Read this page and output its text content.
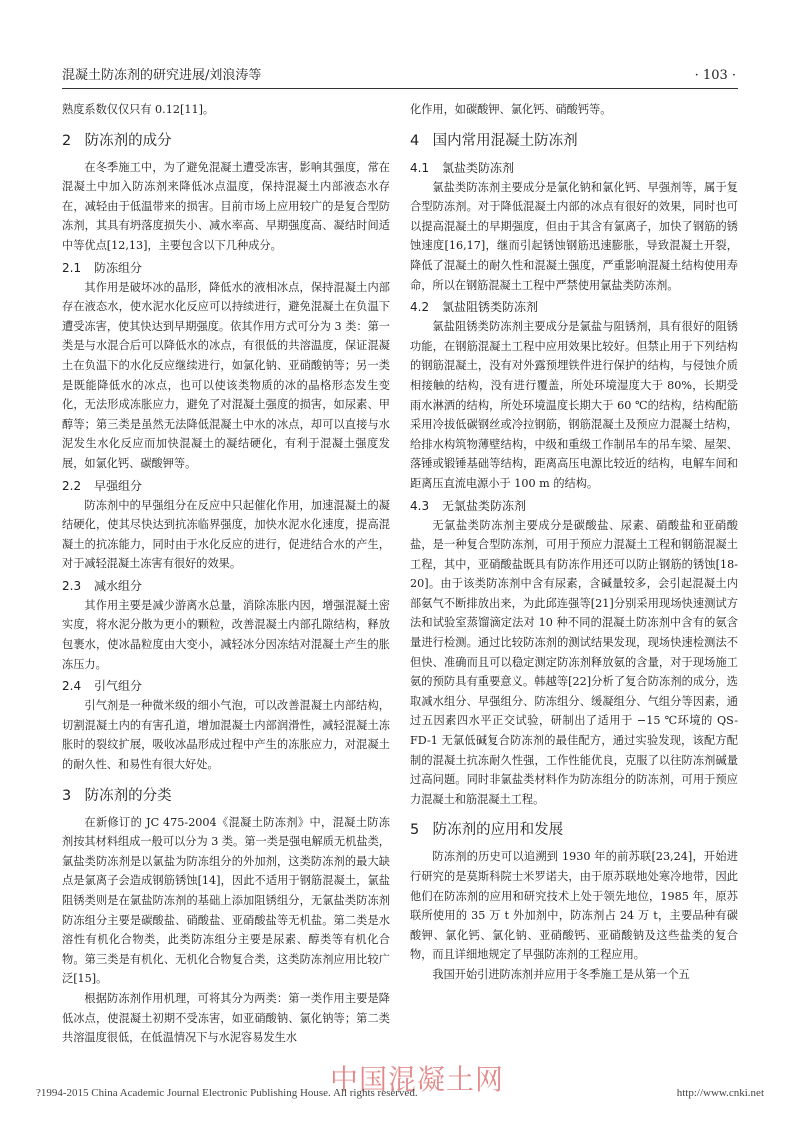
混凝土防冻剂的研究进展/刘浪涛等	· 103 ·

熟度系数仅仅只有 0.12[11]。

2 防冻剂的成分

在冬季施工中，为了避免混凝土遭受冻害，影响其强度，常在混凝土中加入防冻剂来降低冰点温度，保持混凝土内部液态水存在，减轻由于低温带来的损害。目前市场上应用较广的是复合型防冻剂，其具有坍落度损失小、减水率高、早期强度高、凝结时间适中等优点[12,13]，主要包含以下几种成分。

2.1 防冻组分

其作用是破坏冰的晶形，降低水的液相冰点，保持混凝土内部存在液态水，使水泥水化反应可以持续进行，避免混凝土在负温下遭受冻害，使其快达到早期强度。依其作用方式可分为 3 类：第一类是与水混合后可以降低水的冰点，有很低的共溶温度，保证混凝土在负温下的水化反应继续进行，如氯化钠、亚硝酸钠等；另一类是既能降低水的冰点，也可以使该类物质的冰的晶格形态发生变化，无法形成冻胀应力，避免了对混凝土强度的损害，如尿素、甲醇等；第三类是虽然无法降低混凝土中水的冰点，却可以直接与水泥发生水化反应而加快混凝土的凝结硬化，有利于混凝土强度发展，如氯化钙、碳酸钾等。

2.2 早强组分

防冻剂中的早强组分在反应中只起催化作用，加速混凝土的凝结硬化，使其尽快达到抗冻临界强度，加快水泥水化速度，提高混凝土的抗冻能力，同时由于水化反应的进行，促进结合水的产生，对于减轻混凝土冻害有很好的效果。

2.3 减水组分

其作用主要是减少游离水总量，消除冻胀内因，增强混凝土密实度，将水泥分散为更小的颗粒，改善混凝土内部孔隙结构，释放包裹水，使冰晶粒度由大变小，减轻冰分因冻结对混凝土产生的胀冻压力。

2.4 引气组分

引气剂是一种微米级的细小气泡，可以改善混凝土内部结构，切割混凝土内的有害孔道，增加混凝土内部润滑性，减轻混凝土冻胀时的裂纹扩展，吸收冰晶形成过程中产生的冻胀应力，对混凝土的耐久性、和易性有很大好处。

3 防冻剂的分类

在新修订的 JC 475-2004《混凝土防冻剂》中，混凝土防冻剂按其材料组成一般可以分为 3 类。第一类是强电解质无机盐类，氯盐类防冻剂是以氯盐为防冻组分的外加剂，这类防冻剂的最大缺点是氯离子会造成钢筋锈蚀[14]，因此不适用于钢筋混凝土，氯盐阻锈类则是在氯盐防冻剂的基础上添加阻锈组分，无氯盐类防冻剂防冻组分主要是碳酸盐、硝酸盐、亚硝酸盐等无机盐。第二类是水溶性有机化合物类，此类防冻组分主要是尿素、醇类等有机化合物。第三类是有机化、无机化合物复合类，这类防冻剂应用比较广泛[15]。

根据防冻剂作用机理，可将其分为两类：第一类作用主要是降低冰点，使混凝土初期不受冻害，如亚硝酸钠、氯化钠等；第二类共溶温度很低，在低温情况下与水泥容易发生水

化作用，如碳酸钾、氯化钙、硝酸钙等。

4 国内常用混凝土防冻剂
4.1 氯盐类防冻剂

氯盐类防冻剂主要成分是氯化钠和氯化钙、早强剂等，属于复合型防冻剂。对于降低混凝土内部的冰点有很好的效果，同时也可以提高混凝土的早期强度，但由于其含有氯离子，加快了钢筋的锈蚀速度[16,17]，继而引起锈蚀钢筋迅速膨胀，导致混凝土开裂，降低了混凝土的耐久性和混凝土强度，严重影响混凝土结构使用寿命，所以在钢筋混凝土工程中严禁使用氯盐类防冻剂。

4.2 氯盐阻锈类防冻剂

氯盐阻锈类防冻剂主要成分是氯盐与阻锈剂，具有很好的阻锈功能，在钢筋混凝土工程中应用效果比较好。但禁止用于下列结构的钢筋混凝土，没有对外露预埋铁件进行保护的结构，与侵蚀介质相接触的结构，没有进行覆盖，所处环境湿度大于 80%，长期受雨水淋洒的结构，所处环境温度长期大于 60 ℃的结构，结构配筋采用冷拔低碳钢丝或冷拉钢筋，钢筋混凝土及预应力混凝土结构，给排水构筑物薄壁结构，中级和重级工作制吊车的吊车梁、屋架、落锤或锻锤基础等结构，距离高压电源比较近的结构，电解车间和距离压直流电源小于 100 m 的结构。

4.3 无氯盐类防冻剂

无氯盐类防冻剂主要成分是碳酸盐、尿素、硝酸盐和亚硝酸盐，是一种复合型防冻剂，可用于预应力混凝土工程和钢筋混凝土工程，其中，亚硝酸盐既具有防冻作用还可以防止钢筋的锈蚀[18-20]。由于该类防冻剂中含有尿素，含碱量较多，会引起混凝土内部氨气不断排放出来，为此邱连强等[21]分别采用现场快速测试方法和试验室蒸馏滴定法对 10 种不同的混凝土防冻剂中含有的氨含量进行检测。通过比较防冻剂的测试结果发现，现场快速检测法不但快、准确而且可以稳定测定防冻剂释放氨的含量，对于现场施工氨的预防具有重要意义。韩越等[22]分析了复合防冻剂的成分，选取减水组分、早强组分、防冻组分、缓凝组分、气组分等因素，通过五因素四水平正交试验，研制出了适用于 −15 ℃环境的 QS-FD-1 无氯低碱复合防冻剂的最佳配方，通过实验发现，该配方配制的混凝土抗冻耐久性强，工作性能优良，克服了以往防冻剂碱量过高问题。同时非氯盐类材料作为防冻组分的防冻剂，可用于预应力混凝土和筋混凝土工程。

5 防冻剂的应用和发展

防冻剂的历史可以追溯到 1930 年的前苏联[23,24]，开始进行研究的是莫斯科院士米罗诺夫，由于原苏联地处寒冷地带，因此他们在防冻剂的应用和研究技术上处于领先地位，1985 年，原苏联所使用的 35 万 t 外加剂中，防冻剂占 24 万 t，主要品种有碳酸钾、氯化钙、氯化钠、亚硝酸钙、亚硝酸钠及这些盐类的复合物，而且详细地规定了早强防冻剂的工程应用。

我国开始引进防冻剂并应用于冬季施工是从第一个五

中国混凝土网
?1994-2015 China Academic Journal Electronic Publishing House. All rights reserved.	http://www.cnki.net
